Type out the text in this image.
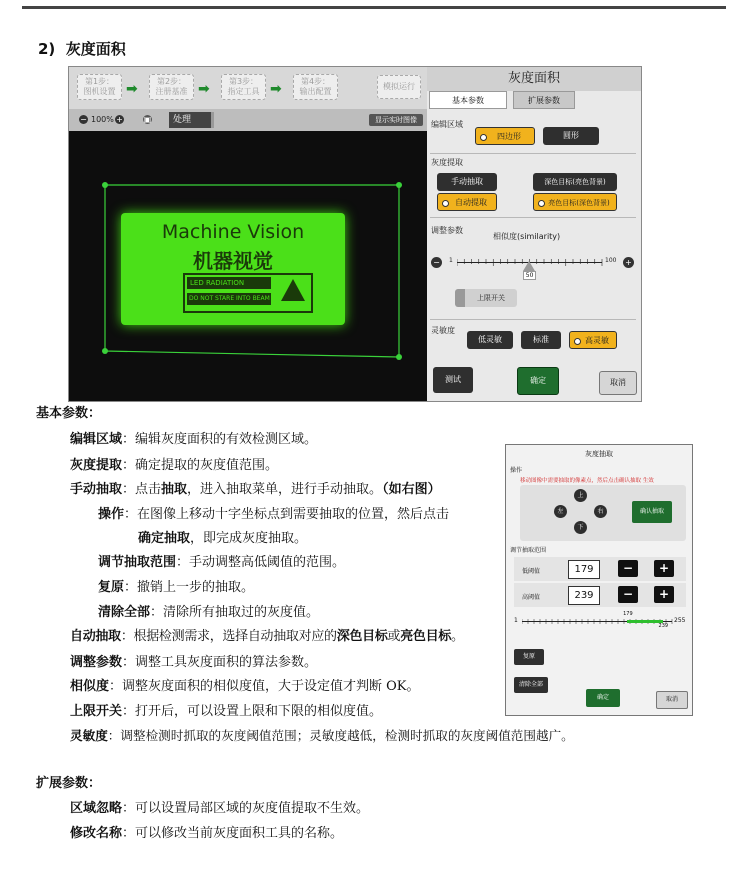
2) 灰度面积
第1步：
图机设置 ➡	第2步：
注册基准 ➡	第3步：
指定工具 ➡	第4步：
输出配置
模拟运行
− 100% +	▣	处理	显示实时图像
Machine Vision
机器视觉
LED RADIATION
DO NOT STARE INTO BEAM
灰度面积
基本参数	扩展参数
编辑区域
四边形	圆形
灰度提取
手动抽取	深色目标(亮色背景)
自动提取	亮色目标(深色背景)
调整参数
相似度(similarity)
−	1
50
100 +
上限开关
灵敏度
低灵敏	标准	高灵敏
测试	确定	取消
基本参数：
编辑区域：编辑灰度面积的有效检测区域。
灰度提取：确定提取的灰度值范围。
手动抽取：点击抽取，进入抽取菜单，进行手动抽取。（如右图）
操作：在图像上移动十字坐标点到需要抽取的位置，然后点击
确定抽取，即完成灰度抽取。
调节抽取范围：手动调整高低阈值的范围。
复原：撤销上一步的抽取。
清除全部：清除所有抽取过的灰度值。
自动抽取：根据检测需求，选择自动抽取对应的深色目标或亮色目标。
调整参数：调整工具灰度面积的算法参数。
相似度：调整灰度面积的相似度值，大于设定值才判断 OK。
上限开关：打开后，可以设置上限和下限的相似度值。
灵敏度：调整检测时抓取的灰度阈值范围；灵敏度越低，检测时抓取的灰度阈值范围越广。
扩展参数：
区域忽略：可以设置局部区域的灰度值提取不生效。
修改名称：可以修改当前灰度面积工具的名称。
灰度抽取
操作
移动图像中需要抽取的像素点，然后点击确认抽取 生效
上
左	右
下
确认抽取
调节抽取范围
低阈值	179	−	+
高阈值	239	−	+
1
179
239
255
复原
清除全部
确定	取消
